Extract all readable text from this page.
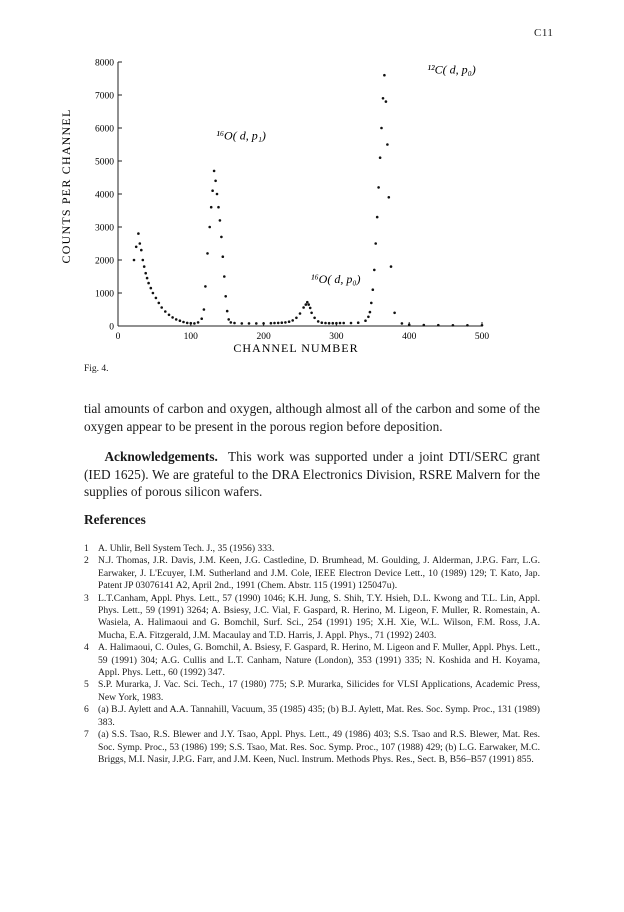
C11
0
1000
2000
3000
4000
5000
6000
7000
8000
0	100	200	300	400	500
¹²C( d, p₀)
¹⁶O( d, p₁)
¹⁶O( d, p₀)
CHANNEL NUMBER
COUNTS PER CHANNEL
Fig. 4.

tial amounts of carbon and oxygen, although almost all of the carbon and some of the oxygen appear to be present in the porous region before deposition.

Acknowledgements. This work was supported under a joint DTI/SERC grant (IED 1625). We are grateful to the DRA Electronics Division, RSRE Malvern for the supplies of porous silicon wafers.

References
1 A. Uhlir, Bell System Tech. J., 35 (1956) 333.
2 N.J. Thomas, J.R. Davis, J.M. Keen, J.G. Castledine, D. Brumhead, M. Goulding, J. Alderman, J.P.G. Farr, L.G. Earwaker, J. L'Ecuyer, I.M. Sutherland and J.M. Cole, IEEE Electron Device Lett., 10 (1989) 129; T. Kato, Jap. Patent JP 03076141 A2, April 2nd., 1991 (Chem. Abstr. 115 (1991) 125047u).
3 L.T.Canham, Appl. Phys. Lett., 57 (1990) 1046; K.H. Jung, S. Shih, T.Y. Hsieh, D.L. Kwong and T.L. Lin, Appl. Phys. Lett., 59 (1991) 3264; A. Bsiesy, J.C. Vial, F. Gaspard, R. Herino, M. Ligeon, F. Muller, R. Romestain, A. Wasiela, A. Halimaoui and G. Bomchil, Surf. Sci., 254 (1991) 195; X.H. Xie, W.L. Wilson, F.M. Ross, J.A. Mucha, E.A. Fitzgerald, J.M. Macaulay and T.D. Harris, J. Appl. Phys., 71 (1992) 2403.
4 A. Halimaoui, C. Oules, G. Bomchil, A. Bsiesy, F. Gaspard, R. Herino, M. Ligeon and F. Muller, Appl. Phys. Lett., 59 (1991) 304; A.G. Cullis and L.T. Canham, Nature (London), 353 (1991) 335; N. Koshida and H. Koyama, Appl. Phys. Lett., 60 (1992) 347.
5 S.P. Murarka, J. Vac. Sci. Tech., 17 (1980) 775; S.P. Murarka, Silicides for VLSI Applications, Academic Press, New York, 1983.
6 (a) B.J. Aylett and A.A. Tannahill, Vacuum, 35 (1985) 435; (b) B.J. Aylett, Mat. Res. Soc. Symp. Proc., 131 (1989) 383.
7 (a) S.S. Tsao, R.S. Blewer and J.Y. Tsao, Appl. Phys. Lett., 49 (1986) 403; S.S. Tsao and R.S. Blewer, Mat. Res. Soc. Symp. Proc., 53 (1986) 199; S.S. Tsao, Mat. Res. Soc. Symp. Proc., 107 (1988) 429; (b) L.G. Earwaker, M.C. Briggs, M.I. Nasir, J.P.G. Farr, and J.M. Keen, Nucl. Instrum. Methods Phys. Res., Sect. B, B56–B57 (1991) 855.
